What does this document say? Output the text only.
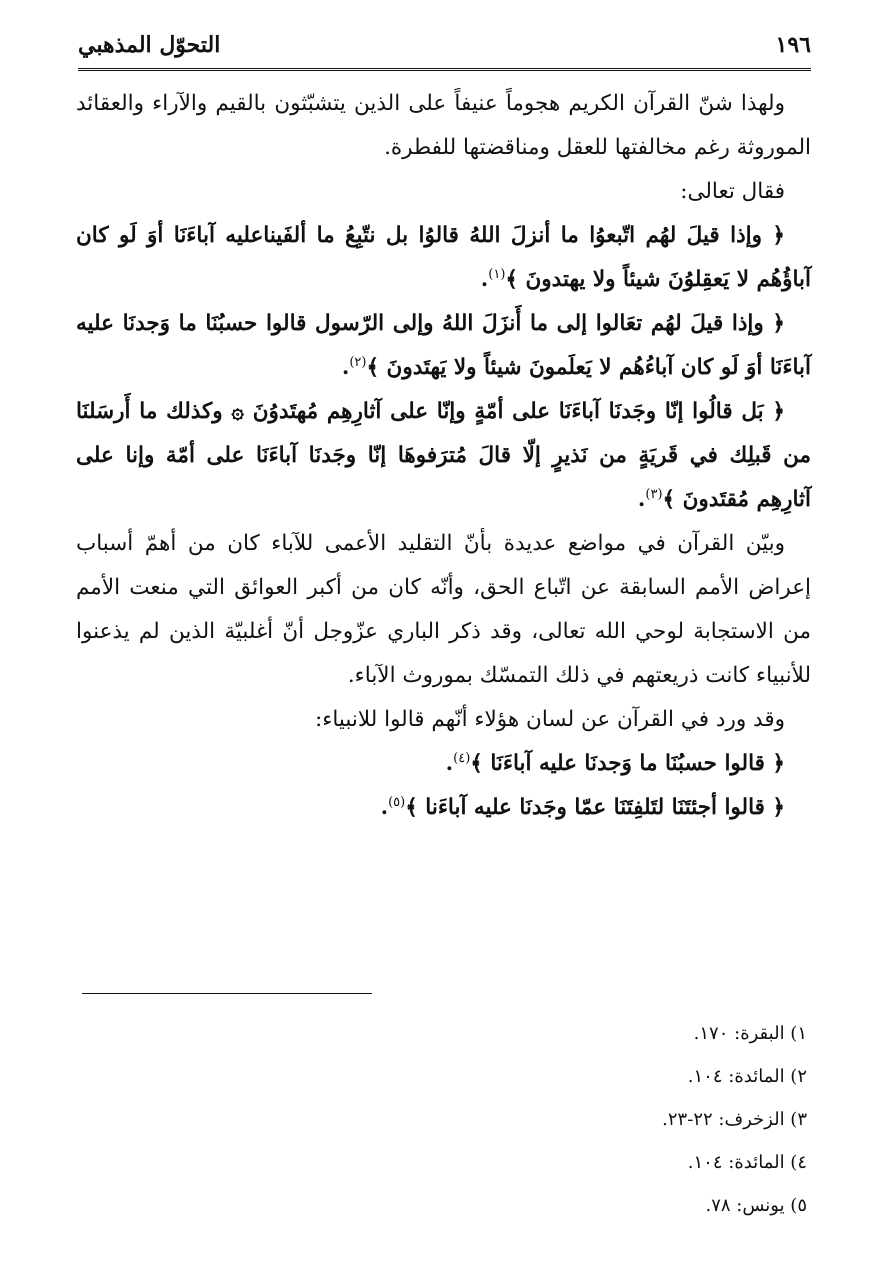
١٩٦
التحوّل المذهبي

ولهذا شنّ القرآن الكريم هجوماً عنيفاً على الذين يتشبّثون بالقيم والآراء والعقائد الموروثة رغم مخالفتها للعقل ومناقضتها للفطرة.

فقال تعالى:

﴿ وإذا قيلَ لهُم اتّبعوُا ما أنزلَ اللهُ قالوُا بل نتّبِعُ ما ألفَيناعليه آباءَنَا أوَ لَو كان آباؤُهُم لا يَعقِلوُنَ شيئاً ولا يهتدونَ ﴾$^{(١)}$.

﴿ وإذا قيلَ لهُم تعَالوا إلى ما أَنزَلَ اللهُ وإلى الرّسول قالوا حسبُنَا ما وَجدنَا عليه آباءَنَا أوَ لَو كان آباءُهُم لا يَعلَمونَ شيئاً ولا يَهتَدونَ ﴾$^{(٢)}$.

﴿ بَل قالُوا إنّا وجَدنَا آباءَنَا على أمّةٍ وإنّا على آثارِهِم مُهتَدوُنَ ۞ وكذلك ما أَرسَلنَا من قَبلِك في قَريَةٍ من نَذيرٍ إلّا قالَ مُترَفوهَا إنّا وجَدنَا آباءَنَا على أمّة وإنا على آثارِهِم مُقتَدونَ ﴾$^{(٣)}$.

وبيّن القرآن في مواضع عديدة بأنّ التقليد الأعمى للآباء كان من أهمّ أسباب إعراض الأمم السابقة عن اتّباع الحق، وأنّه كان من أكبر العوائق التي منعت الأمم من الاستجابة لوحي الله تعالى، وقد ذكر الباري عزّوجل أنّ أغلبيّة الذين لم يذعنوا للأنبياء كانت ذريعتهم في ذلك التمسّك بموروث الآباء.

وقد ورد في القرآن عن لسان هؤلاء أنّهم قالوا للانبياء:

﴿ قالوا حسبُنَا ما وَجدنَا عليه آباءَنَا ﴾$^{(٤)}$.

﴿ قالوا أجئتَنَا لتَلفِتَنَا عمّا وجَدنَا عليه آباءَنا ﴾$^{(٥)}$.

١) البقرة: ١٧٠.
٢) المائدة: ١٠٤.
٣) الزخرف: ٢٢-٢٣.
٤) المائدة: ١٠٤.
٥) يونس: ٧٨.
